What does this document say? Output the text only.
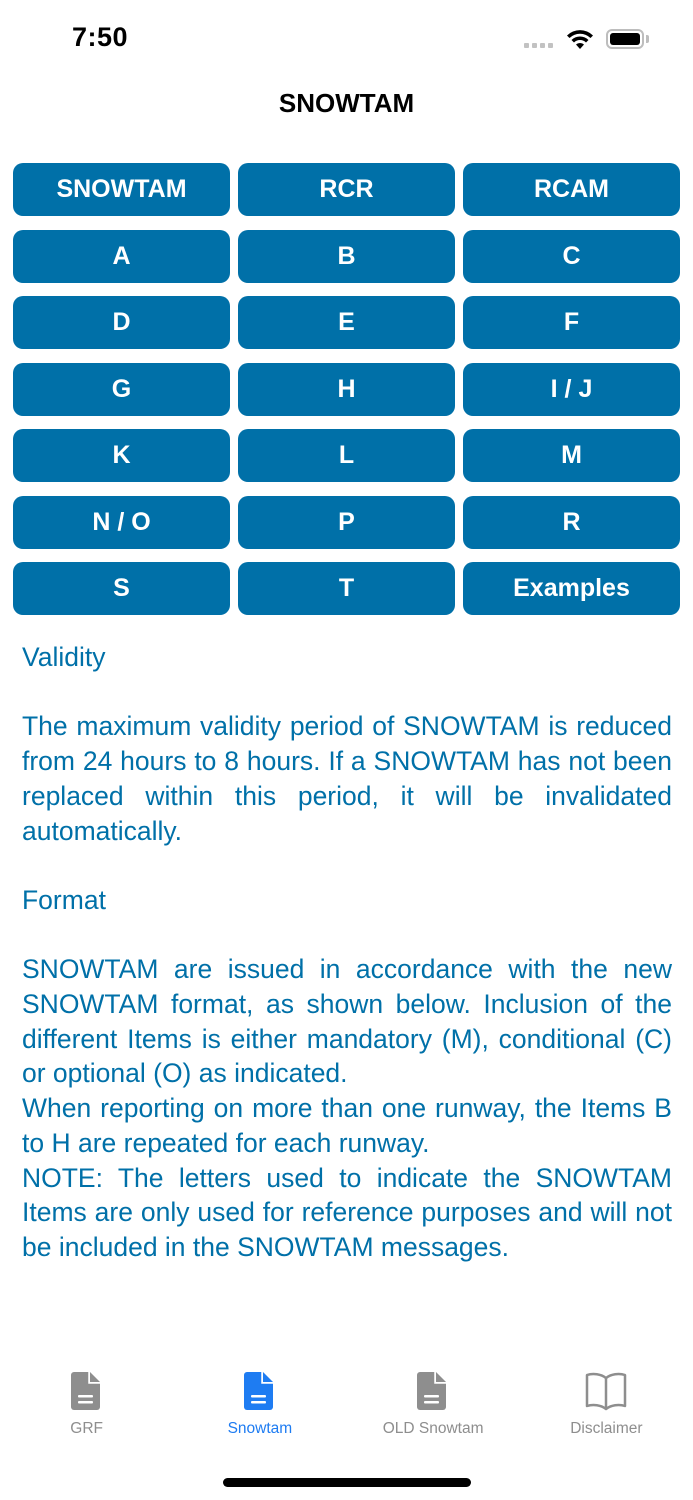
7:50
SNOWTAM
SNOWTAM	RCR	RCAM
A	B	C
D	E	F
G	H	I / J
K	L	M
N / O	P	R
S	T	Examples

Validity

The maximum validity period of SNOWTAM is reduced from 24 hours to 8 hours. If a SNOWTAM has not been replaced within this period, it will be invalidated automatically.

Format

SNOWTAM are issued in accordance with the new SNOWTAM format, as shown below. Inclusion of the different Items is either mandatory (M), conditional (C) or optional (O) as indicated.

When reporting on more than one runway, the Items B to H are repeated for each runway.

NOTE: The letters used to indicate the SNOWTAM Items are only used for reference purposes and will not be included in the SNOWTAM messages.

GRF	Snowtam	OLD Snowtam	Disclaimer
